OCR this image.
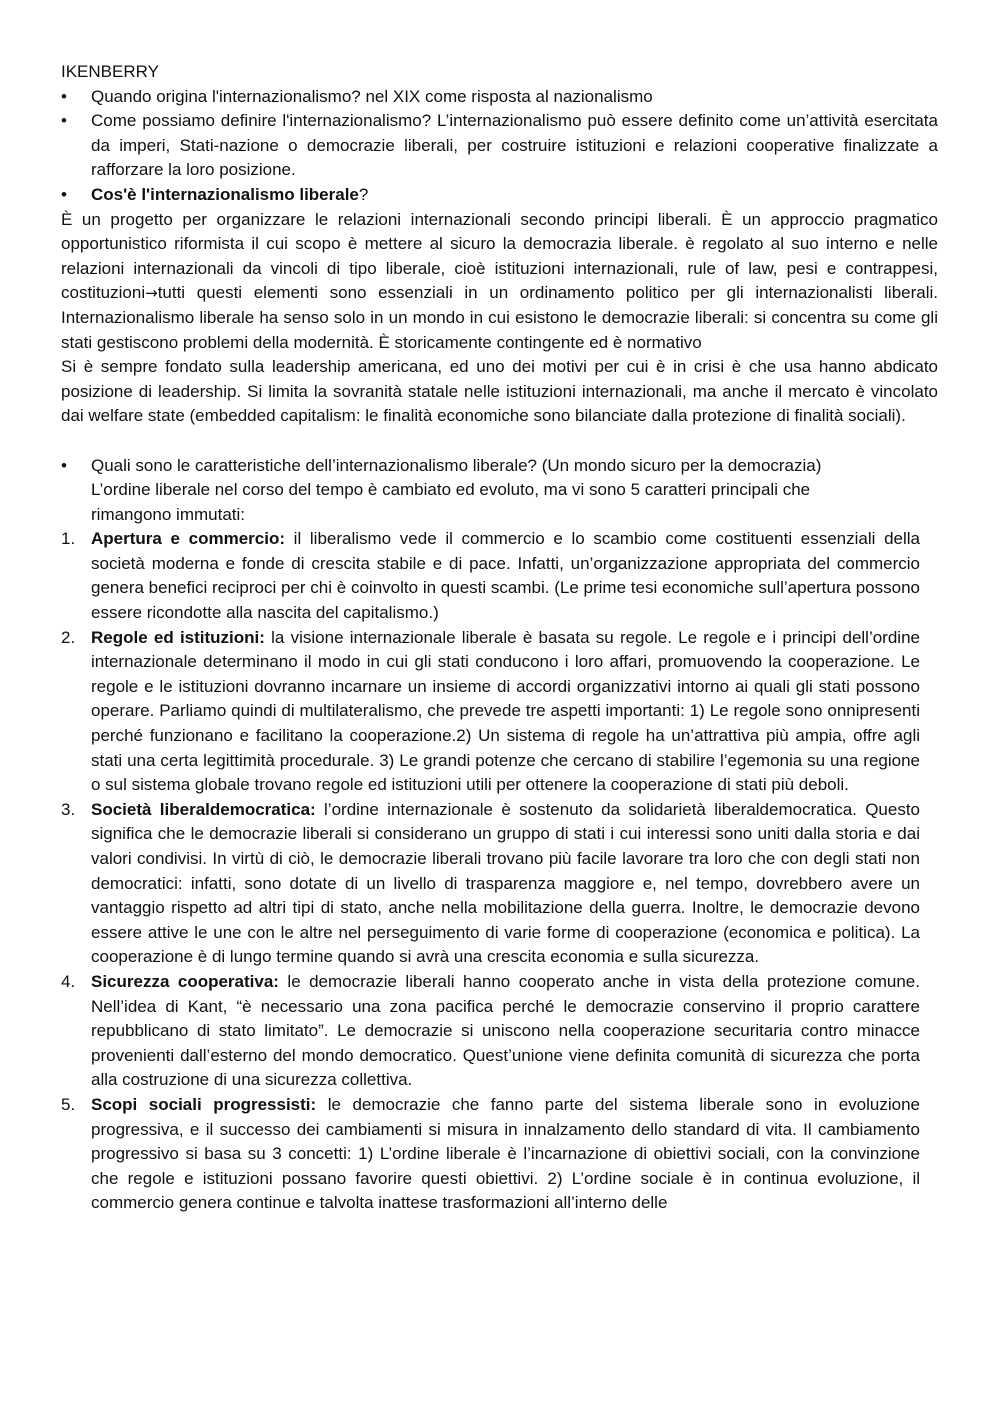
IKENBERRY
• Quando origina l'internazionalismo? nel XIX come risposta al nazionalismo
• Come possiamo definire l'internazionalismo? L’internazionalismo può essere definito come un’attività esercitata da imperi, Stati-nazione o democrazie liberali, per costruire istituzioni e relazioni cooperative finalizzate a rafforzare la loro posizione.
• Cos'è l'internazionalismo liberale?

È un progetto per organizzare le relazioni internazionali secondo principi liberali. È un approccio pragmatico opportunistico riformista il cui scopo è mettere al sicuro la democrazia liberale. è regolato al suo interno e nelle relazioni internazionali da vincoli di tipo liberale, cioè istituzioni internazionali, rule of law, pesi e contrappesi, costituzioni→tutti questi elementi sono essenziali in un ordinamento politico per gli internazionalisti liberali. Internazionalismo liberale ha senso solo in un mondo in cui esistono le democrazie liberali: si concentra su come gli stati gestiscono problemi della modernità. È storicamente contingente ed è normativo

Si è sempre fondato sulla leadership americana, ed uno dei motivi per cui è in crisi è che usa hanno abdicato posizione di leadership. Si limita la sovranità statale nelle istituzioni internazionali, ma anche il mercato è vincolato dai welfare state (embedded capitalism: le finalità economiche sono bilanciate dalla protezione di finalità sociali).

• Quali sono le caratteristiche dell’internazionalismo liberale? (Un mondo sicuro per la democrazia)
L’ordine liberale nel corso del tempo è cambiato ed evoluto, ma vi sono 5 caratteri principali che rimangono immutati:
1. Apertura e commercio: il liberalismo vede il commercio e lo scambio come costituenti essenziali della società moderna e fonde di crescita stabile e di pace. Infatti, un’organizzazione appropriata del commercio genera benefici reciproci per chi è coinvolto in questi scambi. (Le prime tesi economiche sull’apertura possono essere ricondotte alla nascita del capitalismo.)
2. Regole ed istituzioni: la visione internazionale liberale è basata su regole. Le regole e i principi dell’ordine internazionale determinano il modo in cui gli stati conducono i loro affari, promuovendo la cooperazione. Le regole e le istituzioni dovranno incarnare un insieme di accordi organizzativi intorno ai quali gli stati possono operare. Parliamo quindi di multilateralismo, che prevede tre aspetti importanti: 1) Le regole sono onnipresenti perché funzionano e facilitano la cooperazione.2) Un sistema di regole ha un’attrattiva più ampia, offre agli stati una certa legittimità procedurale. 3) Le grandi potenze che cercano di stabilire l’egemonia su una regione o sul sistema globale trovano regole ed istituzioni utili per ottenere la cooperazione di stati più deboli.
3. Società liberaldemocratica: l’ordine internazionale è sostenuto da solidarietà liberaldemocratica. Questo significa che le democrazie liberali si considerano un gruppo di stati i cui interessi sono uniti dalla storia e dai valori condivisi. In virtù di ciò, le democrazie liberali trovano più facile lavorare tra loro che con degli stati non democratici: infatti, sono dotate di un livello di trasparenza maggiore e, nel tempo, dovrebbero avere un vantaggio rispetto ad altri tipi di stato, anche nella mobilitazione della guerra. Inoltre, le democrazie devono essere attive le une con le altre nel perseguimento di varie forme di cooperazione (economica e politica). La cooperazione è di lungo termine quando si avrà una crescita economia e sulla sicurezza.
4. Sicurezza cooperativa: le democrazie liberali hanno cooperato anche in vista della protezione comune. Nell’idea di Kant, “è necessario una zona pacifica perché le democrazie conservino il proprio carattere repubblicano di stato limitato”. Le democrazie si uniscono nella cooperazione securitaria contro minacce provenienti dall’esterno del mondo democratico. Quest’unione viene definita comunità di sicurezza che porta alla costruzione di una sicurezza collettiva.
5. Scopi sociali progressisti: le democrazie che fanno parte del sistema liberale sono in evoluzione progressiva, e il successo dei cambiamenti si misura in innalzamento dello standard di vita. Il cambiamento progressivo si basa su 3 concetti: 1) L’ordine liberale è l’incarnazione di obiettivi sociali, con la convinzione che regole e istituzioni possano favorire questi obiettivi. 2) L’ordine sociale è in continua evoluzione, il commercio genera continue e talvolta inattese trasformazioni all’interno delle
